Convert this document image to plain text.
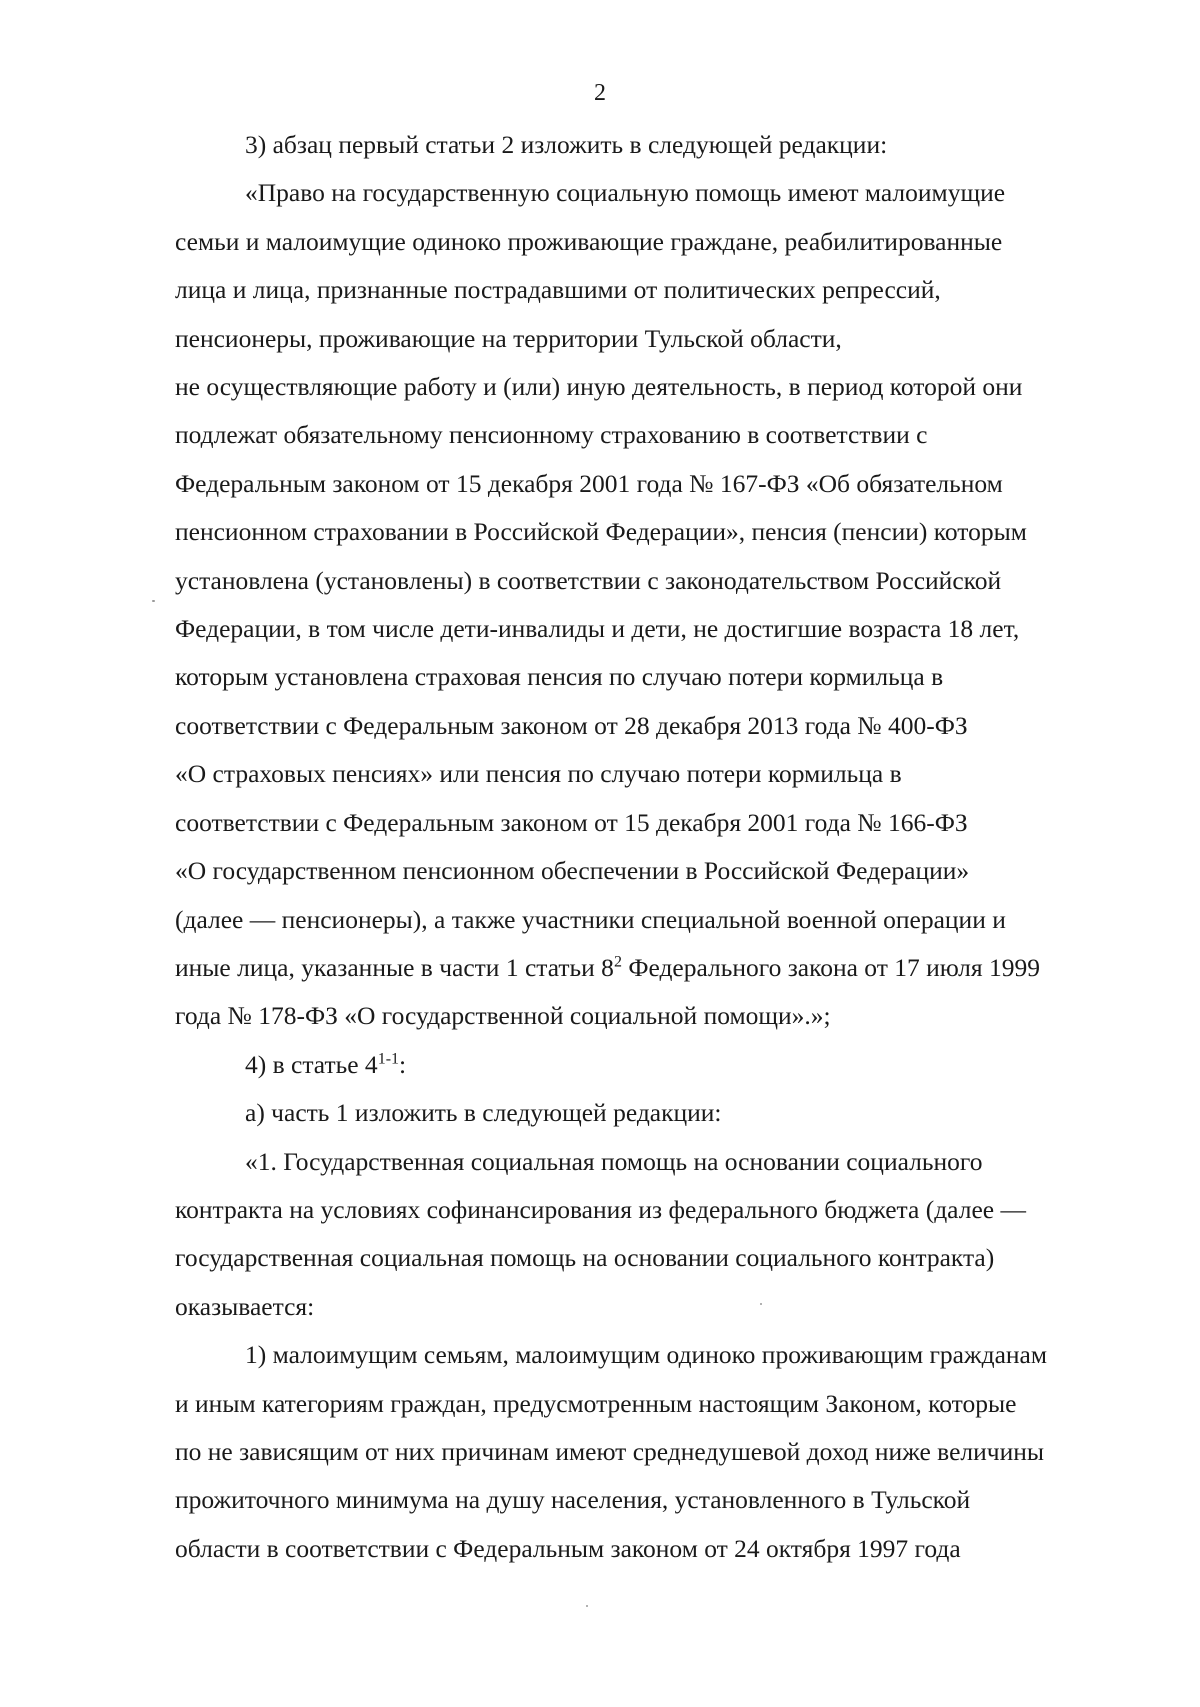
2

3) абзац первый статьи 2 изложить в следующей редакции:

«Право на государственную социальную помощь имеют малоимущие
семьи и малоимущие одиноко проживающие граждане, реабилитированные
лица и лица, признанные пострадавшими от политических репрессий,
пенсионеры, проживающие на территории Тульской области,
не осуществляющие работу и (или) иную деятельность, в период которой они
подлежат обязательному пенсионному страхованию в соответствии с
Федеральным законом от 15 декабря 2001 года № 167-ФЗ «Об обязательном
пенсионном страховании в Российской Федерации», пенсия (пенсии) которым
установлена (установлены) в соответствии с законодательством Российской
Федерации, в том числе дети-инвалиды и дети, не достигшие возраста 18 лет,
которым установлена страховая пенсия по случаю потери кормильца в
соответствии с Федеральным законом от 28 декабря 2013 года № 400-ФЗ
«О страховых пенсиях» или пенсия по случаю потери кормильца в
соответствии с Федеральным законом от 15 декабря 2001 года № 166-ФЗ
«О государственном пенсионном обеспечении в Российской Федерации»
(далее — пенсионеры), а также участники специальной военной операции и
иные лица, указанные в части 1 статьи $8^2$ Федерального закона от 17 июля 1999
года № 178-ФЗ «О государственной социальной помощи».»;

4) в статье 4$^{1-1}$:

а) часть 1 изложить в следующей редакции:

«1. Государственная социальная помощь на основании социального
контракта на условиях софинансирования из федерального бюджета (далее —
государственная социальная помощь на основании социального контракта)
оказывается:

1) малоимущим семьям, малоимущим одиноко проживающим гражданам
и иным категориям граждан, предусмотренным настоящим Законом, которые
по не зависящим от них причинам имеют среднедушевой доход ниже величины
прожиточного минимума на душу населения, установленного в Тульской
области в соответствии с Федеральным законом от 24 октября 1997 года
